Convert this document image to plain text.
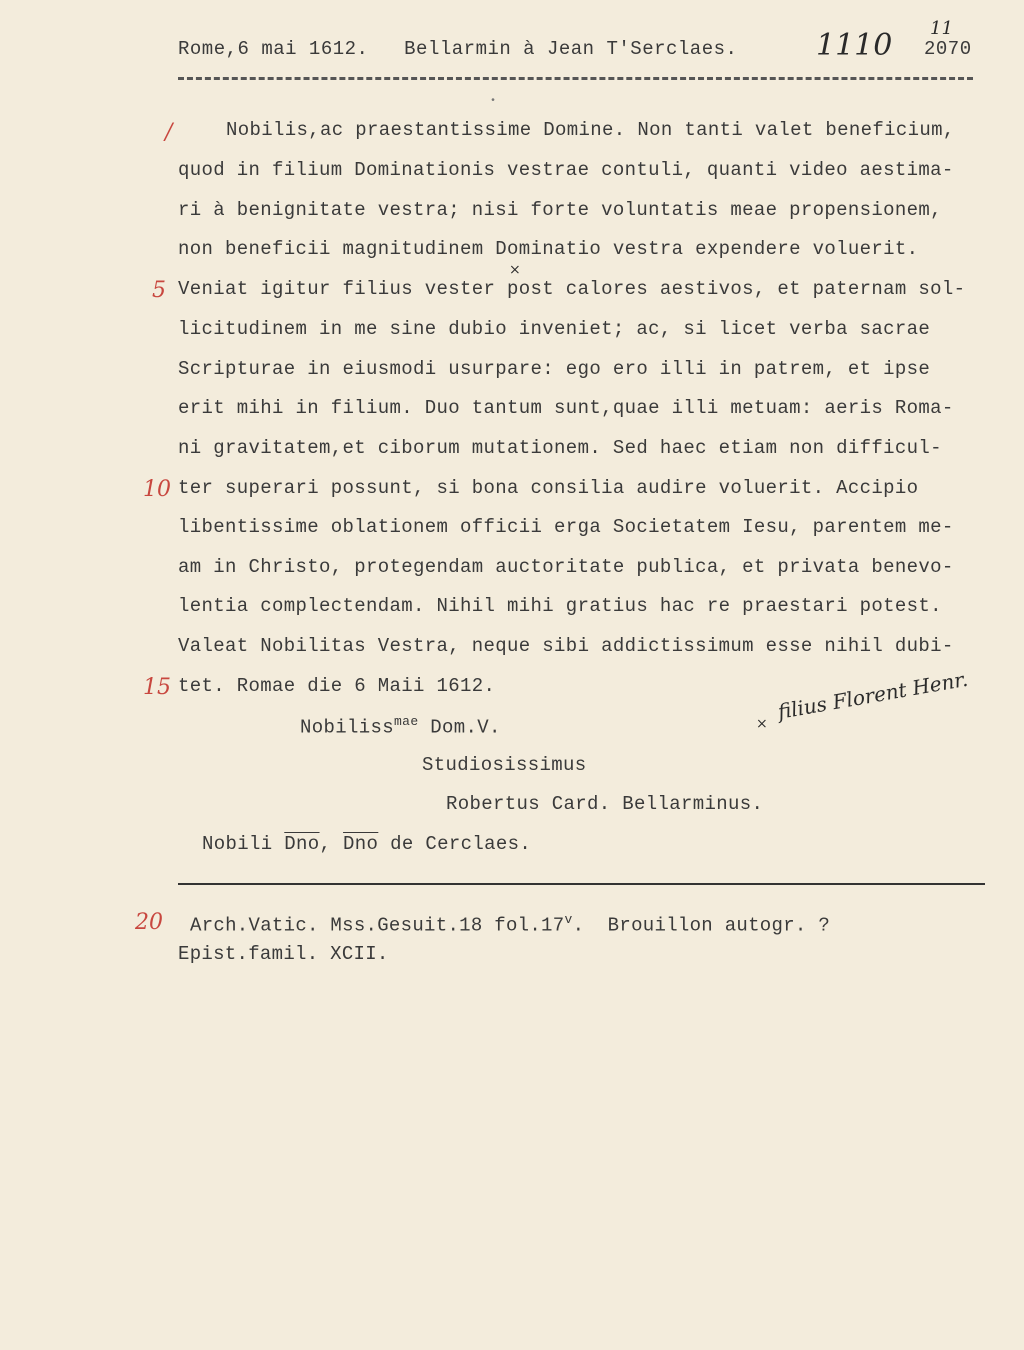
Rome,6 mai 1612. Bellarmin à Jean T'Serclaes.	1110 11
2070
•
/
5
10
15
20
×
Nobilis,ac praestantissime Domine. Non tanti valet beneficium,
quod in filium Dominationis vestrae contuli, quanti video aestima-
ri à benignitate vestra; nisi forte voluntatis meae propensionem,
non beneficii magnitudinem Dominatio vestra expendere voluerit.
Veniat igitur filius vester post calores aestivos, et paternam sol-
licitudinem in me sine dubio inveniet; ac, si licet verba sacrae
Scripturae in eiusmodi usurpare: ego ero illi in patrem, et ipse
erit mihi in filium. Duo tantum sunt,quae illi metuam: aeris Roma-
ni gravitatem,et ciborum mutationem. Sed haec etiam non difficul-
ter superari possunt, si bona consilia audire voluerit. Accipio
libentissime oblationem officii erga Societatem Iesu, parentem me-
am in Christo, protegendam auctoritate publica, et privata benevo-
lentia complectendam. Nihil mihi gratius hac re praestari potest.
Valeat Nobilitas Vestra, neque sibi addictissimum esse nihil dubi-
tet. Romae die 6 Maii 1612.
Nobiliss$^{mae}$ Dom.V.
Studiosissimus
Robertus Card. Bellarminus.
Nobili $\overline{Dno}$, $\overline{Dno}$ de Cerclaes.
×
filius Florent Henr.
Arch.Vatic. Mss.Gesuit.18 fol.17$^v$.  Brouillon autogr. ?
Epist.famil. XCII.
